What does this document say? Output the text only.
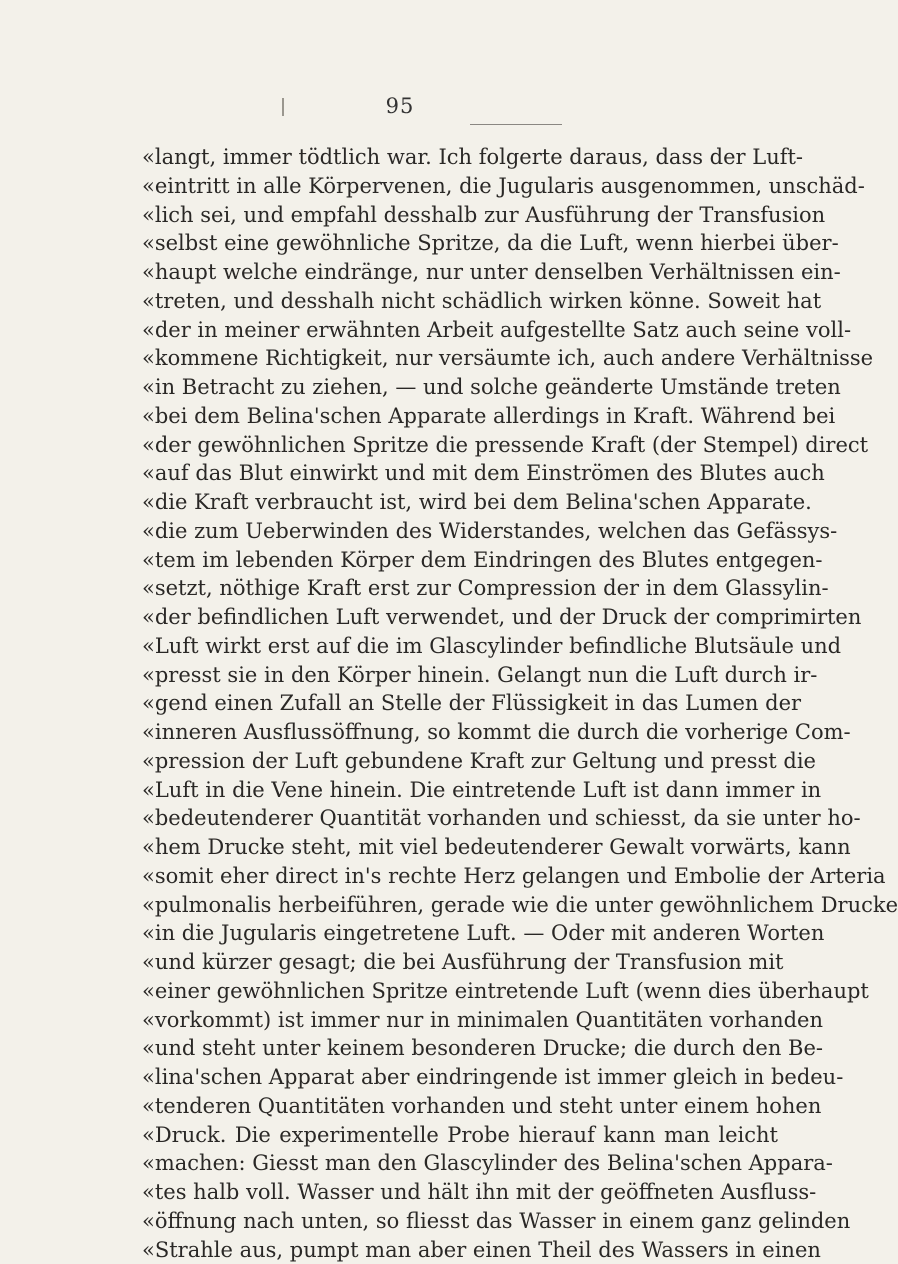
95
«langt, immer tödtlich war. Ich folgerte daraus, dass der Luft-
«eintritt in alle Körpervenen, die Jugularis ausgenommen, unschäd-
«lich sei, und empfahl desshalb zur Ausführung der Transfusion
«selbst eine gewöhnliche Spritze, da die Luft, wenn hierbei über-
«haupt welche eindränge, nur unter denselben Verhältnissen ein-
«treten, und desshalh nicht schädlich wirken könne. Soweit hat
«der in meiner erwähnten Arbeit aufgestellte Satz auch seine voll-
«kommene Richtigkeit, nur versäumte ich, auch andere Verhältnisse
«in Betracht zu ziehen, — und solche geänderte Umstände treten
«bei dem Belina'schen Apparate allerdings in Kraft. Während bei
«der gewöhnlichen Spritze die pressende Kraft (der Stempel) direct
«auf das Blut einwirkt und mit dem Einströmen des Blutes auch
«die Kraft verbraucht ist, wird bei dem Belina'schen Apparate.
«die zum Ueberwinden des Widerstandes, welchen das Gefässys-
«tem im lebenden Körper dem Eindringen des Blutes entgegen-
«setzt, nöthige Kraft erst zur Compression der in dem Glassylin-
«der befindlichen Luft verwendet, und der Druck der comprimirten
«Luft wirkt erst auf die im Glascylinder befindliche Blutsäule und
«presst sie in den Körper hinein. Gelangt nun die Luft durch ir-
«gend einen Zufall an Stelle der Flüssigkeit in das Lumen der
«inneren Ausflussöffnung, so kommt die durch die vorherige Com-
«pression der Luft gebundene Kraft zur Geltung und presst die
«Luft in die Vene hinein. Die eintretende Luft ist dann immer in
«bedeutenderer Quantität vorhanden und schiesst, da sie unter ho-
«hem Drucke steht, mit viel bedeutenderer Gewalt vorwärts, kann
«somit eher direct in's rechte Herz gelangen und Embolie der Arteria
«pulmonalis herbeiführen, gerade wie die unter gewöhnlichem Drucke
«in die Jugularis eingetretene Luft. — Oder mit anderen Worten
«und kürzer gesagt; die bei Ausführung der Transfusion mit
«einer gewöhnlichen Spritze eintretende Luft (wenn dies überhaupt
«vorkommt) ist immer nur in minimalen Quantitäten vorhanden
«und steht unter keinem besonderen Drucke; die durch den Be-
«lina'schen Apparat aber eindringende ist immer gleich in bedeu-
«tenderen Quantitäten vorhanden und steht unter einem hohen
«Druck. Die experimentelle Probe hierauf kann man leicht
«machen: Giesst man den Glascylinder des Belina'schen Appara-
«tes halb voll. Wasser und hält ihn mit der geöffneten Ausfluss-
«öffnung nach unten, so fliesst das Wasser in einem ganz gelinden
«Strahle aus, pumpt man aber einen Theil des Wassers in einen
